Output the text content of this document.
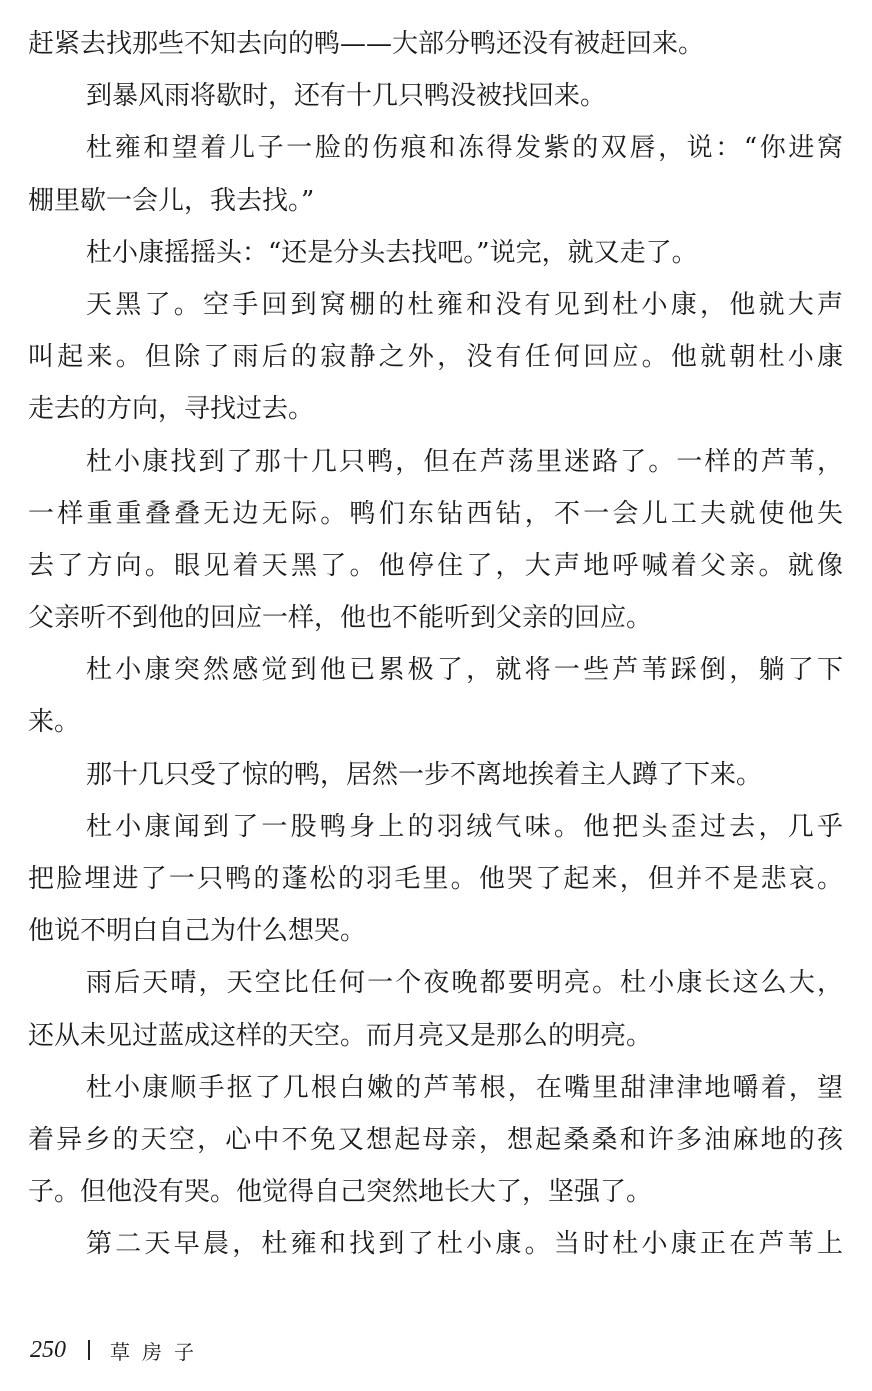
赶紧去找那些不知去向的鸭——大部分鸭还没有被赶回来。
到暴风雨将歇时，还有十几只鸭没被找回来。
杜雍和望着儿子一脸的伤痕和冻得发紫的双唇，说：“你进窝
棚里歇一会儿，我去找。”
杜小康摇摇头：“还是分头去找吧。”说完，就又走了。
天黑了。空手回到窝棚的杜雍和没有见到杜小康，他就大声
叫起来。但除了雨后的寂静之外，没有任何回应。他就朝杜小康
走去的方向，寻找过去。
杜小康找到了那十几只鸭，但在芦荡里迷路了。一样的芦苇，
一样重重叠叠无边无际。鸭们东钻西钻，不一会儿工夫就使他失
去了方向。眼见着天黑了。他停住了，大声地呼喊着父亲。就像
父亲听不到他的回应一样，他也不能听到父亲的回应。
杜小康突然感觉到他已累极了，就将一些芦苇踩倒，躺了下
来。
那十几只受了惊的鸭，居然一步不离地挨着主人蹲了下来。
杜小康闻到了一股鸭身上的羽绒气味。他把头歪过去，几乎
把脸埋进了一只鸭的蓬松的羽毛里。他哭了起来，但并不是悲哀。
他说不明白自己为什么想哭。
雨后天晴，天空比任何一个夜晚都要明亮。杜小康长这么大，
还从未见过蓝成这样的天空。而月亮又是那么的明亮。
杜小康顺手抠了几根白嫩的芦苇根，在嘴里甜津津地嚼着，望
着异乡的天空，心中不免又想起母亲，想起桑桑和许多油麻地的孩
子。但他没有哭。他觉得自己突然地长大了，坚强了。
第二天早晨，杜雍和找到了杜小康。当时杜小康正在芦苇上
250 草房子
